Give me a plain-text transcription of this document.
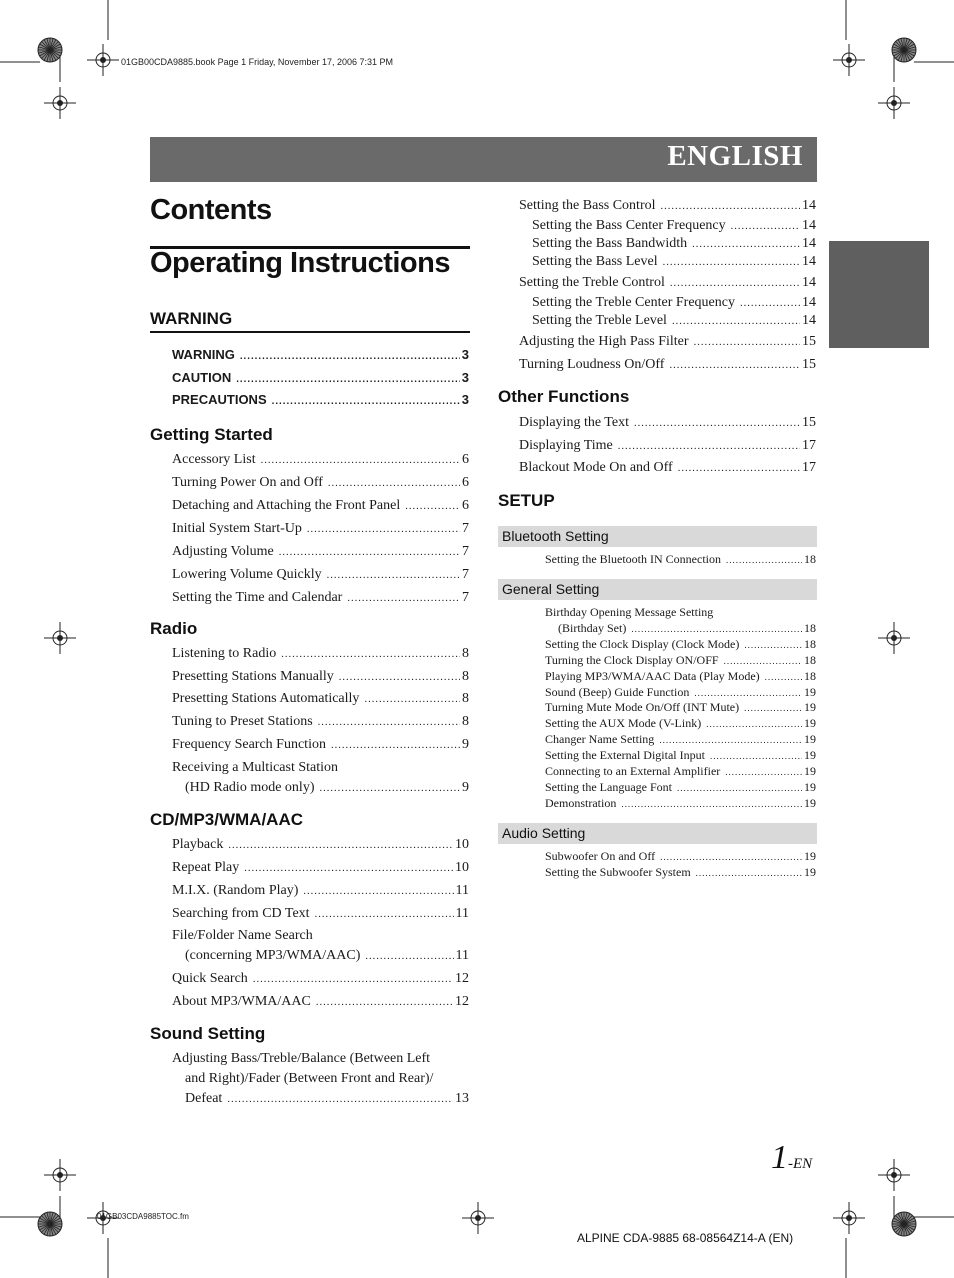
01GB00CDA9885.book Page 1 Friday, November 17, 2006 7:31 PM
ENGLISH
Contents
Operating Instructions
WARNING
WARNING .....	3
CAUTION .....	3
PRECAUTIONS .....	3
Getting Started
Accessory List .....	6
Turning Power On and Off .....	6
Detaching and Attaching the Front Panel .....	6
Initial System Start-Up .....	7
Adjusting Volume .....	7
Lowering Volume Quickly .....	7
Setting the Time and Calendar .....	7
Radio
Listening to Radio .....	8
Presetting Stations Manually .....	8
Presetting Stations Automatically .....	8
Tuning to Preset Stations .....	8
Frequency Search Function .....	9
Receiving a Multicast Station
(HD Radio mode only) .....	9
CD/MP3/WMA/AAC
Playback .....	10
Repeat Play .....	10
M.I.X. (Random Play) .....	11
Searching from CD Text .....	11
File/Folder Name Search
(concerning MP3/WMA/AAC) .....	11
Quick Search .....	12
About MP3/WMA/AAC .....	12
Sound Setting
Adjusting Bass/Treble/Balance (Between Left
and Right)/Fader (Between Front and Rear)/
Defeat .....	13
Setting the Bass Control .....	14
Setting the Bass Center Frequency .....	14
Setting the Bass Bandwidth .....	14
Setting the Bass Level .....	14
Setting the Treble Control .....	14
Setting the Treble Center Frequency .....	14
Setting the Treble Level .....	14
Adjusting the High Pass Filter .....	15
Turning Loudness On/Off .....	15
Other Functions
Displaying the Text .....	15
Displaying Time .....	17
Blackout Mode On and Off .....	17
SETUP
Bluetooth Setting
Setting the Bluetooth IN Connection .....	18
General Setting
Birthday Opening Message Setting
(Birthday Set) .....	18
Setting the Clock Display (Clock Mode) .....	18
Turning the Clock Display ON/OFF .....	18
Playing MP3/WMA/AAC Data (Play Mode) .....	18
Sound (Beep) Guide Function .....	19
Turning Mute Mode On/Off (INT Mute) .....	19
Setting the AUX Mode (V-Link) .....	19
Changer Name Setting .....	19
Setting the External Digital Input .....	19
Connecting to an External Amplifier .....	19
Setting the Language Font .....	19
Demonstration .....	19
Audio Setting
Subwoofer On and Off .....	19
Setting the Subwoofer System .....	19
1-EN
01GB03CDA9885TOC.fm
ALPINE CDA-9885 68-08564Z14-A (EN)
